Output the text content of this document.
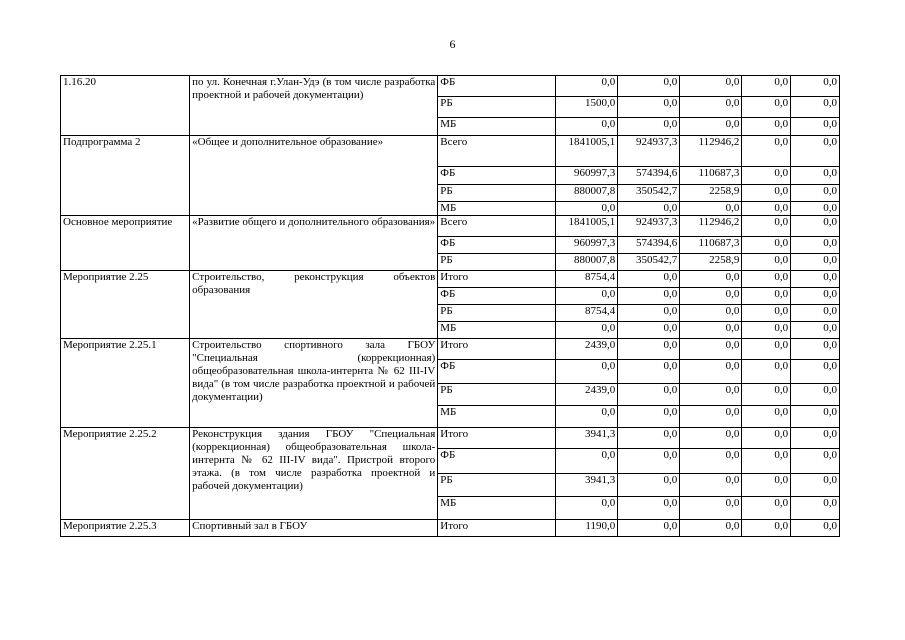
6
1.16.20	по ул. Конечная г.Улан-Удэ (в том числе разработка проектной и рабочей документации)	ФБ	0,0	0,0	0,0	0,0	0,0
		РБ	1500,0	0,0	0,0	0,0	0,0
		МБ	0,0	0,0	0,0	0,0	0,0
Подпрограмма 2	«Общее и дополнительное образование»	Всего	1841005,1	924937,3	112946,2	0,0	0,0
		ФБ	960997,3	574394,6	110687,3	0,0	0,0
		РБ	880007,8	350542,7	2258,9	0,0	0,0
		МБ	0,0	0,0	0,0	0,0	0,0
Основное мероприятие	«Развитие общего и дополнительного образования»	Всего	1841005,1	924937,3	112946,2	0,0	0,0
		ФБ	960997,3	574394,6	110687,3	0,0	0,0
		РБ	880007,8	350542,7	2258,9	0,0	0,0
Мероприятие 2.25	Строительство, реконструкция объектов образования	Итого	8754,4	0,0	0,0	0,0	0,0
		ФБ	0,0	0,0	0,0	0,0	0,0
		РБ	8754,4	0,0	0,0	0,0	0,0
		МБ	0,0	0,0	0,0	0,0	0,0
Мероприятие 2.25.1	Строительство спортивного зала ГБОУ "Специальная (коррекционная) общеобразовательная школа-интернта № 62 III-IV вида" (в том числе разработка проектной и рабочей документации)	Итого	2439,0	0,0	0,0	0,0	0,0
		ФБ	0,0	0,0	0,0	0,0	0,0
		РБ	2439,0	0,0	0,0	0,0	0,0
		МБ	0,0	0,0	0,0	0,0	0,0
Мероприятие 2.25.2	Реконструкция здания ГБОУ "Специальная (коррекционная) общеобразовательная школа-интернта № 62 III-IV вида". Пристрой второго этажа. (в том числе разработка проектной и рабочей документации)	Итого	3941,3	0,0	0,0	0,0	0,0
		ФБ	0,0	0,0	0,0	0,0	0,0
		РБ	3941,3	0,0	0,0	0,0	0,0
		МБ	0,0	0,0	0,0	0,0	0,0
Мероприятие 2.25.3	Спортивный зал в ГБОУ	Итого	1190,0	0,0	0,0	0,0	0,0
